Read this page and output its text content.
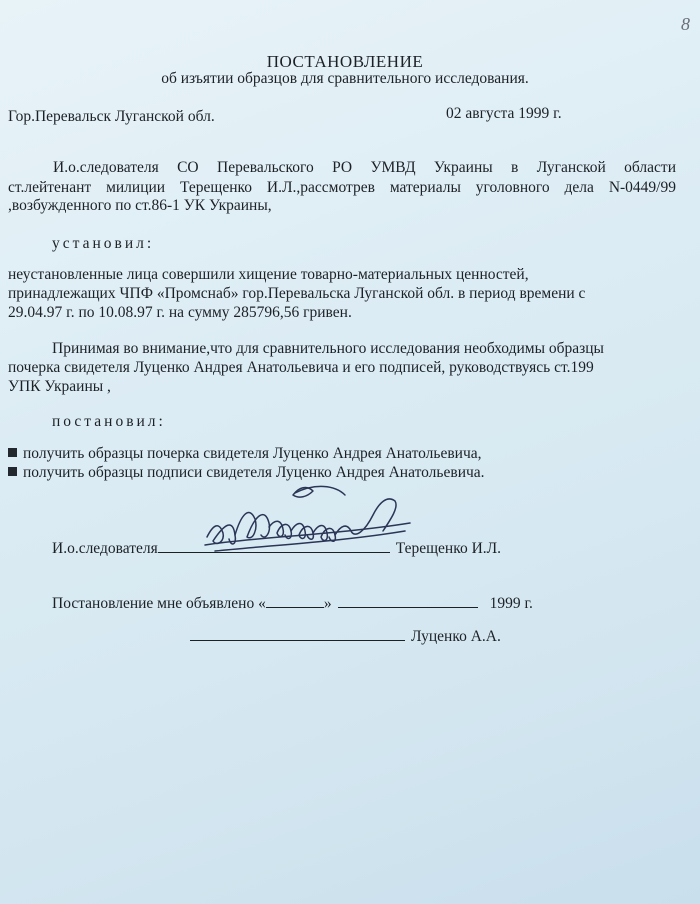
8
ПОСТАНОВЛЕНИЕ
об изъятии образцов для сравнительного исследования.
Гор.Перевальск Луганской обл.	02 августа 1999 г.
И.о.следователя СО Перевальского РО УМВД Украины в Луганской области
ст.лейтенант милиции Терещенко И.Л.,рассмотрев материалы уголовного дела N-0449/99
,возбужденного по ст.86-1 УК Украины,
установил:
неустановленные лица совершили хищение товарно-материальных ценностей,
принадлежащих ЧПФ «Промснаб» гор.Перевальска Луганской обл. в период времени с
29.04.97 г. по 10.08.97 г. на сумму 285796,56 гривен.
Принимая во внимание,что для сравнительного исследования необходимы образцы
почерка свидетеля Луценко Андрея Анатольевича и его подписей, руководствуясь ст.199
УПК Украины ,
постановил:
получить образцы почерка свидетеля Луценко Андрея Анатольевича,
получить образцы подписи свидетеля Луценко Андрея Анатольевича.
И.о.следователя	Терещенко И.Л.
Постановление мне объявлено «	»	1999 г.
Луценко А.А.
